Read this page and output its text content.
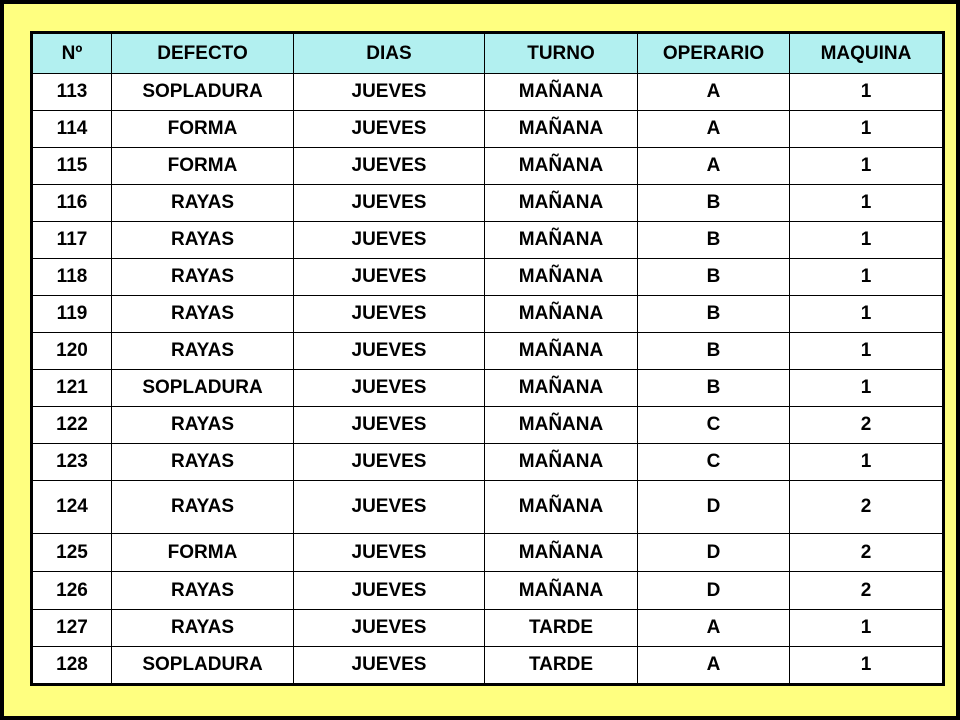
Nº	DEFECTO	DIAS	TURNO	OPERARIO	MAQUINA
113	SOPLADURA	JUEVES	MAÑANA	A	1
114	FORMA	JUEVES	MAÑANA	A	1
115	FORMA	JUEVES	MAÑANA	A	1
116	RAYAS	JUEVES	MAÑANA	B	1
117	RAYAS	JUEVES	MAÑANA	B	1
118	RAYAS	JUEVES	MAÑANA	B	1
119	RAYAS	JUEVES	MAÑANA	B	1
120	RAYAS	JUEVES	MAÑANA	B	1
121	SOPLADURA	JUEVES	MAÑANA	B	1
122	RAYAS	JUEVES	MAÑANA	C	2
123	RAYAS	JUEVES	MAÑANA	C	1
124	RAYAS	JUEVES	MAÑANA	D	2
125	FORMA	JUEVES	MAÑANA	D	2
126	RAYAS	JUEVES	MAÑANA	D	2
127	RAYAS	JUEVES	TARDE	A	1
128	SOPLADURA	JUEVES	TARDE	A	1
